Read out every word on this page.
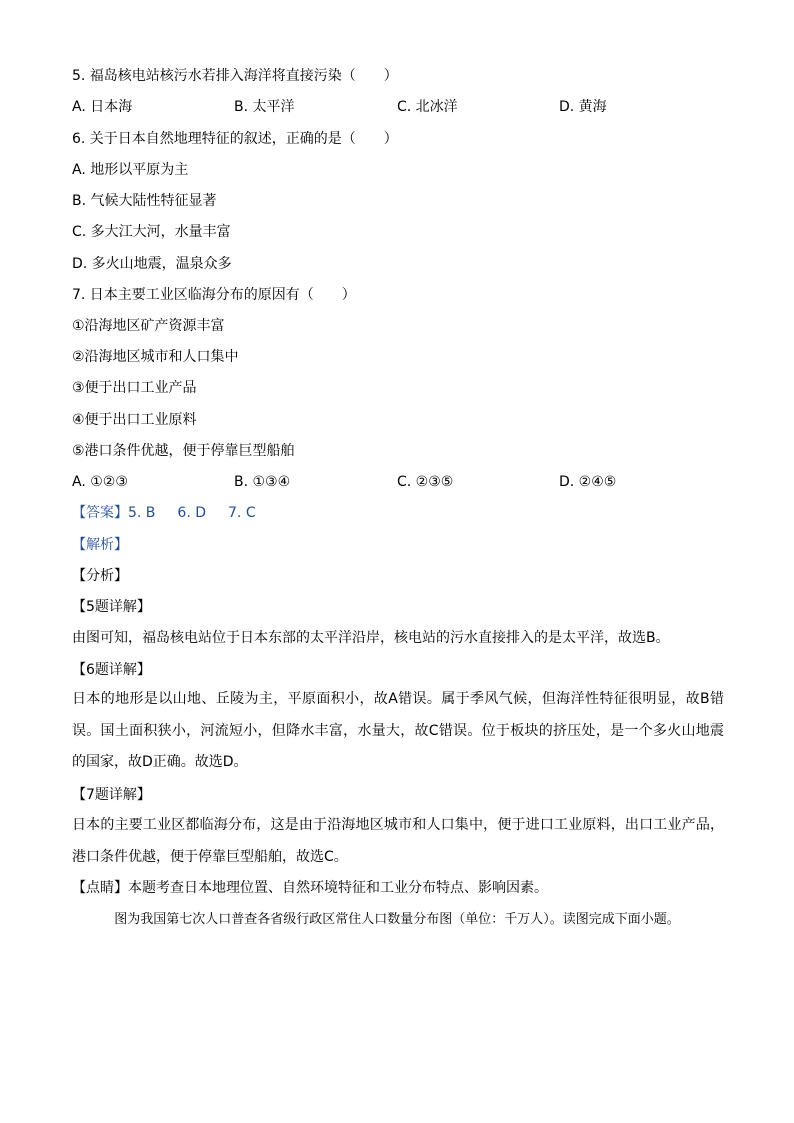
5. 福岛核电站核污水若排入海洋将直接污染（　　）
A. 日本海	B. 太平洋	C. 北冰洋	D. 黄海
6. 关于日本自然地理特征的叙述，正确的是（　　）
A. 地形以平原为主
B. 气候大陆性特征显著
C. 多大江大河，水量丰富
D. 多火山地震，温泉众多
7. 日本主要工业区临海分布的原因有（　　）
①沿海地区矿产资源丰富
②沿海地区城市和人口集中
③便于出口工业产品
④便于出口工业原料
⑤港口条件优越，便于停靠巨型船舶
A. ①②③	B. ①③④	C. ②③⑤	D. ②④⑤
【答案】5. B 6. D 7. C
【解析】
【分析】
【5题详解】
由图可知，福岛核电站位于日本东部的太平洋沿岸，核电站的污水直接排入的是太平洋，故选B。
【6题详解】
日本的地形是以山地、丘陵为主，平原面积小，故A错误。属于季风气候，但海洋性特征很明显，故B错误。国土面积狭小，河流短小，但降水丰富，水量大，故C错误。位于板块的挤压处，是一个多火山地震的国家，故D正确。故选D。
【7题详解】
日本的主要工业区都临海分布，这是由于沿海地区城市和人口集中，便于进口工业原料，出口工业产品，港口条件优越，便于停靠巨型船舶，故选C。
【点睛】本题考查日本地理位置、自然环境特征和工业分布特点、影响因素。
图为我国第七次人口普查各省级行政区常住人口数量分布图（单位：千万人）。读图完成下面小题。
